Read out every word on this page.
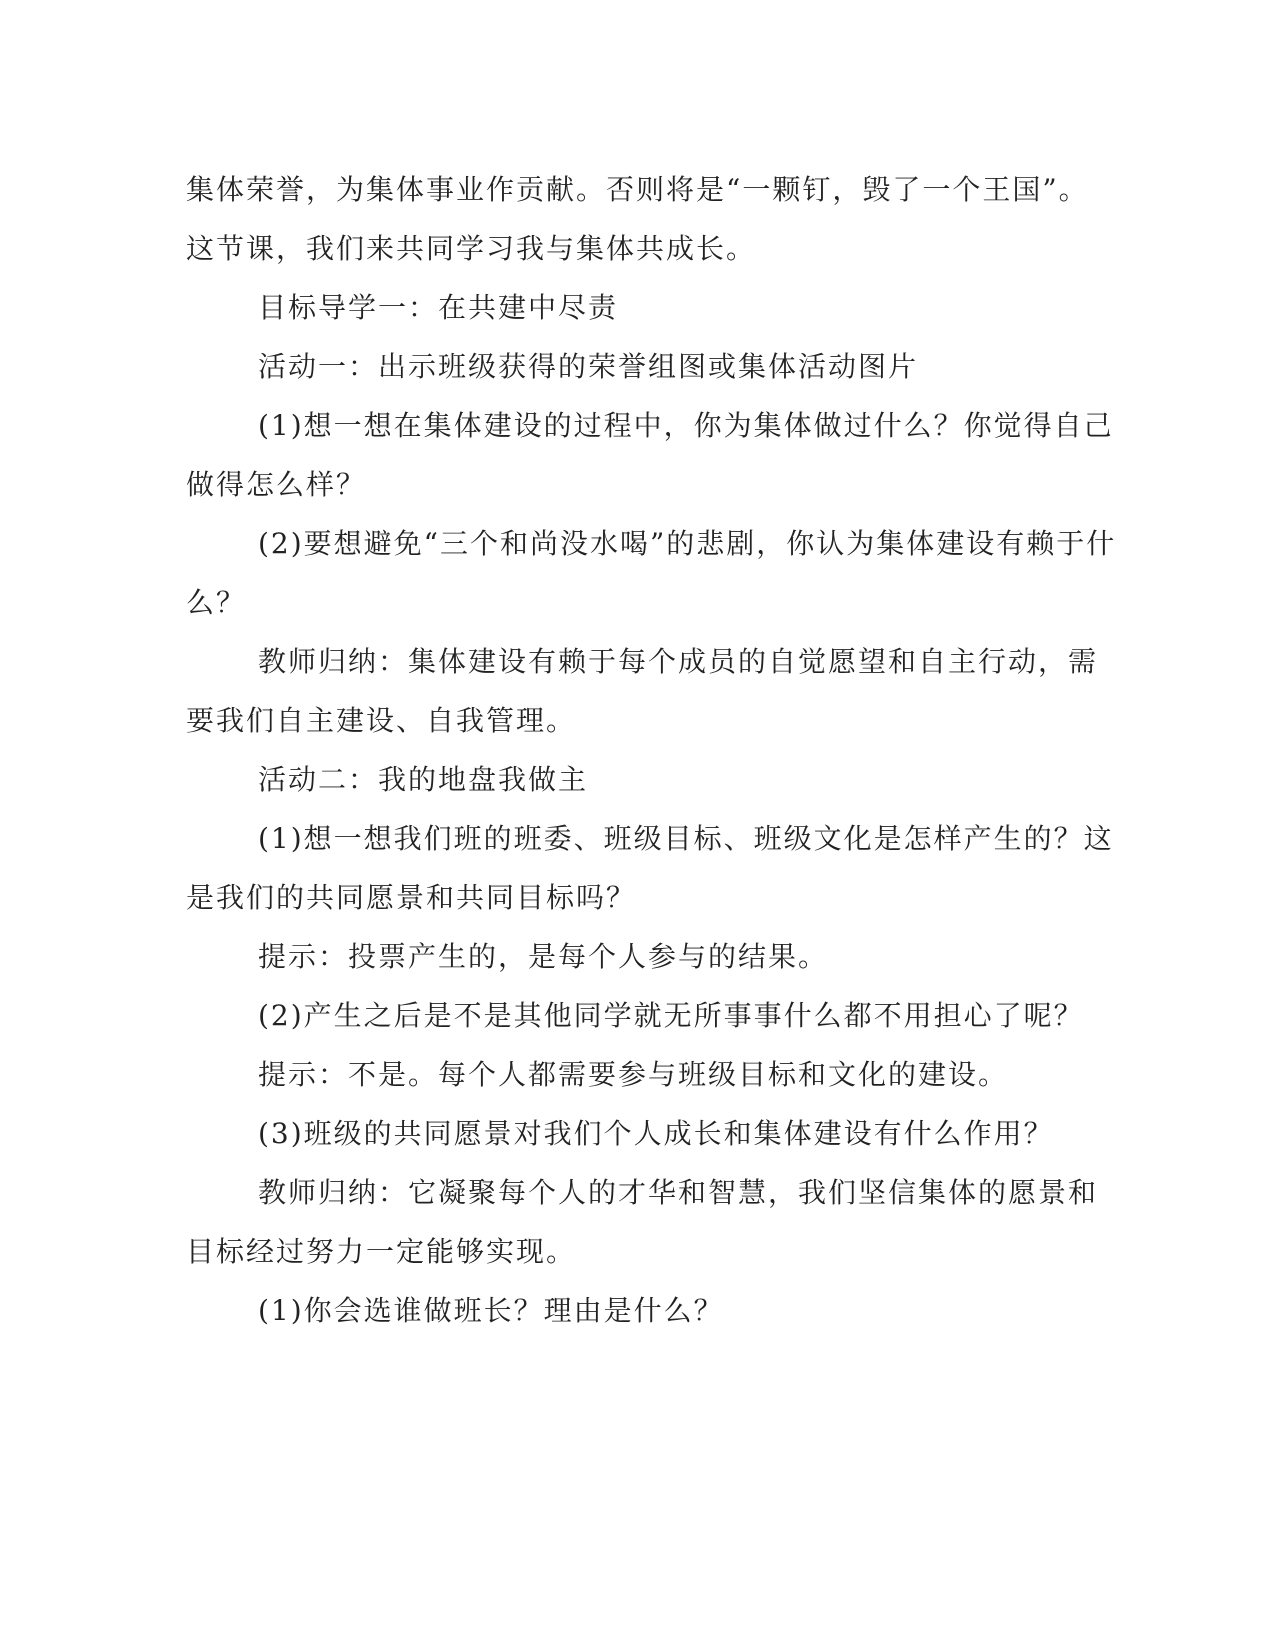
集体荣誉，为集体事业作贡献。否则将是“一颗钉，毁了一个王国”。
这节课，我们来共同学习我与集体共成长。
目标导学一：在共建中尽责
活动一：出示班级获得的荣誉组图或集体活动图片
(1)想一想在集体建设的过程中，你为集体做过什么？你觉得自己
做得怎么样？
(2)要想避免“三个和尚没水喝”的悲剧，你认为集体建设有赖于什
么？
教师归纳：集体建设有赖于每个成员的自觉愿望和自主行动，需
要我们自主建设、自我管理。
活动二：我的地盘我做主
(1)想一想我们班的班委、班级目标、班级文化是怎样产生的？这
是我们的共同愿景和共同目标吗？
提示：投票产生的，是每个人参与的结果。
(2)产生之后是不是其他同学就无所事事什么都不用担心了呢？
提示：不是。每个人都需要参与班级目标和文化的建设。
(3)班级的共同愿景对我们个人成长和集体建设有什么作用？
教师归纳：它凝聚每个人的才华和智慧，我们坚信集体的愿景和
目标经过努力一定能够实现。
(1)你会选谁做班长？理由是什么？
